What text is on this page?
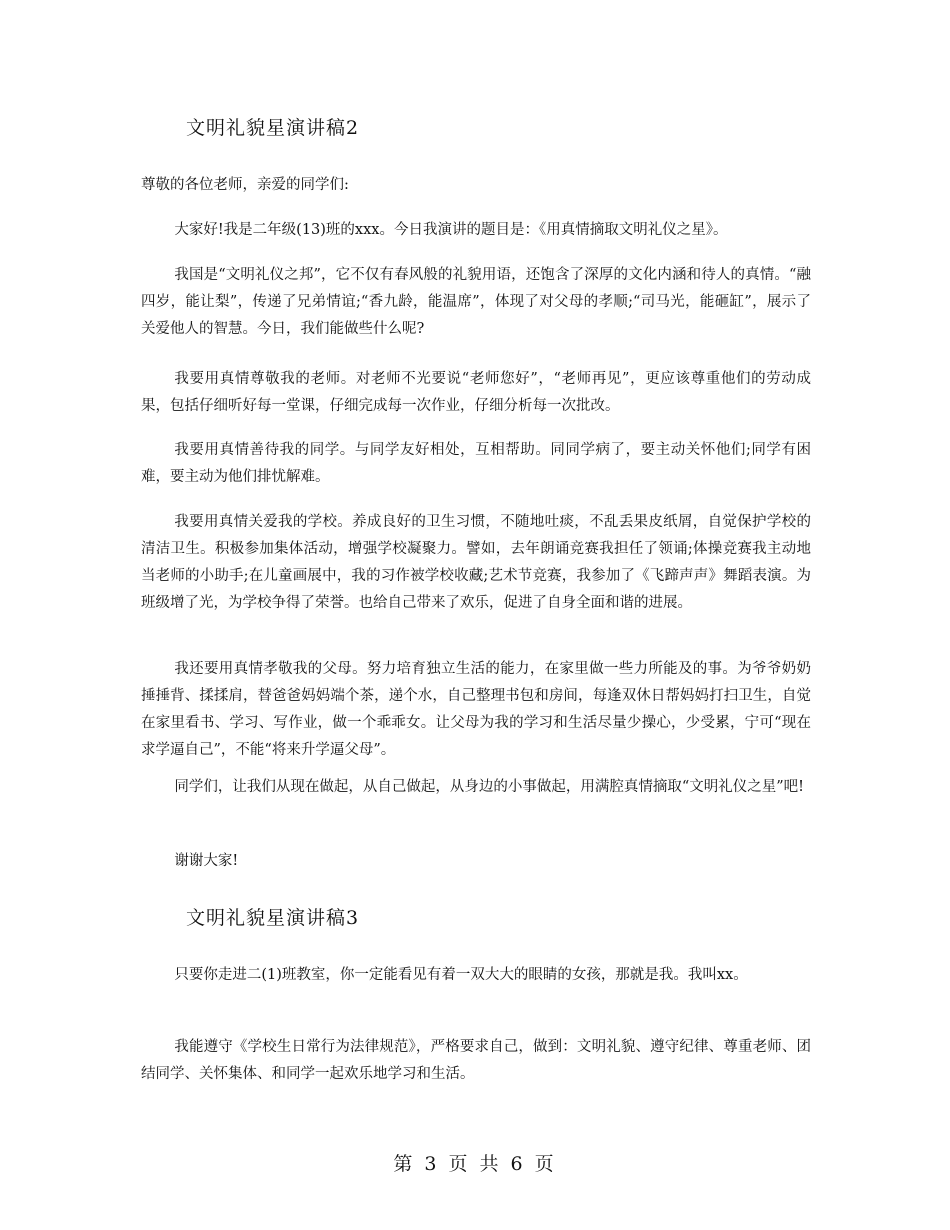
文明礼貌星演讲稿2
尊敬的各位老师，亲爱的同学们:
大家好!我是二年级(13)班的xxx。今日我演讲的题目是：《用真情摘取文明礼仪之星》。
我国是“文明礼仪之邦”，它不仅有春风般的礼貌用语，还饱含了深厚的文化内涵和待人的真情。“融四岁，能让梨”，传递了兄弟情谊;“香九龄，能温席”，体现了对父母的孝顺;“司马光，能砸缸”，展示了关爱他人的智慧。今日，我们能做些什么呢?
我要用真情尊敬我的老师。对老师不光要说“老师您好”，“老师再见”，更应该尊重他们的劳动成果，包括仔细听好每一堂课，仔细完成每一次作业，仔细分析每一次批改。
我要用真情善待我的同学。与同学友好相处，互相帮助。同同学病了，要主动关怀他们;同学有困难，要主动为他们排忧解难。
我要用真情关爱我的学校。养成良好的卫生习惯，不随地吐痰，不乱丢果皮纸屑，自觉保护学校的清洁卫生。积极参加集体活动，增强学校凝聚力。譬如，去年朗诵竞赛我担任了领诵;体操竞赛我主动地当老师的小助手;在儿童画展中，我的习作被学校收藏;艺术节竞赛，我参加了《飞蹄声声》舞蹈表演。为班级增了光，为学校争得了荣誉。也给自己带来了欢乐，促进了自身全面和谐的进展。
我还要用真情孝敬我的父母。努力培育独立生活的能力，在家里做一些力所能及的事。为爷爷奶奶捶捶背、揉揉肩，替爸爸妈妈端个茶，递个水，自己整理书包和房间，每逢双休日帮妈妈打扫卫生，自觉在家里看书、学习、写作业，做一个乖乖女。让父母为我的学习和生活尽量少操心，少受累，宁可“现在求学逼自己”，不能“将来升学逼父母”。
同学们，让我们从现在做起，从自己做起，从身边的小事做起，用满腔真情摘取“文明礼仪之星”吧!
谢谢大家!
文明礼貌星演讲稿3
只要你走进二(1)班教室，你一定能看见有着一双大大的眼睛的女孩，那就是我。我叫xx。
我能遵守《学校生日常行为法律规范》，严格要求自己，做到：文明礼貌、遵守纪律、尊重老师、团结同学、关怀集体、和同学一起欢乐地学习和生活。
第 3 页 共 6 页
